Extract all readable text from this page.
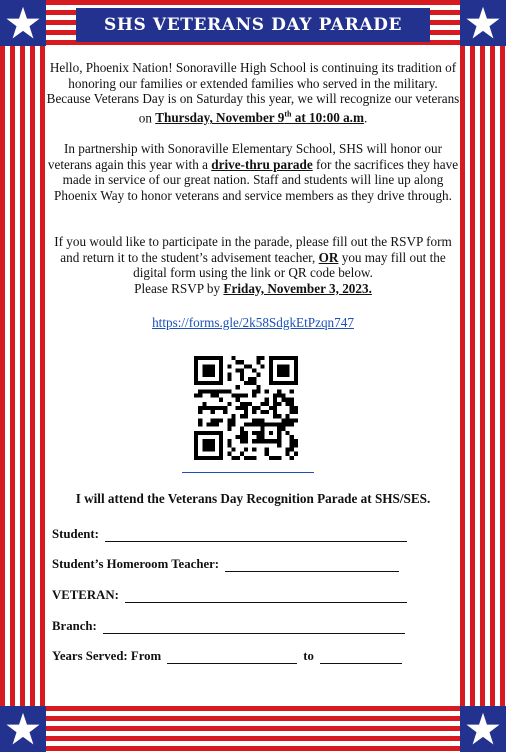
SHS VETERANS DAY PARADE

Hello, Phoenix Nation! Sonoraville High School is continuing its tradition of honoring our families or extended families who served in the military. Because Veterans Day is on Saturday this year, we will recognize our veterans on Thursday, November 9th at 10:00 a.m.

In partnership with Sonoraville Elementary School, SHS will honor our veterans again this year with a drive-thru parade for the sacrifices they have made in service of our great nation. Staff and students will line up along Phoenix Way to honor veterans and service members as they drive through.

If you would like to participate in the parade, please fill out the RSVP form and return it to the student’s advisement teacher, OR you may fill out the digital form using the link or QR code below.
Please RSVP by Friday, November 3, 2023.

https://forms.gle/2k58SdgkEtPzqn747
I will attend the Veterans Day Recognition Parade at SHS/SES.
Student:
Student’s Homeroom Teacher:
VETERAN:
Branch:
Years Served: From	to
